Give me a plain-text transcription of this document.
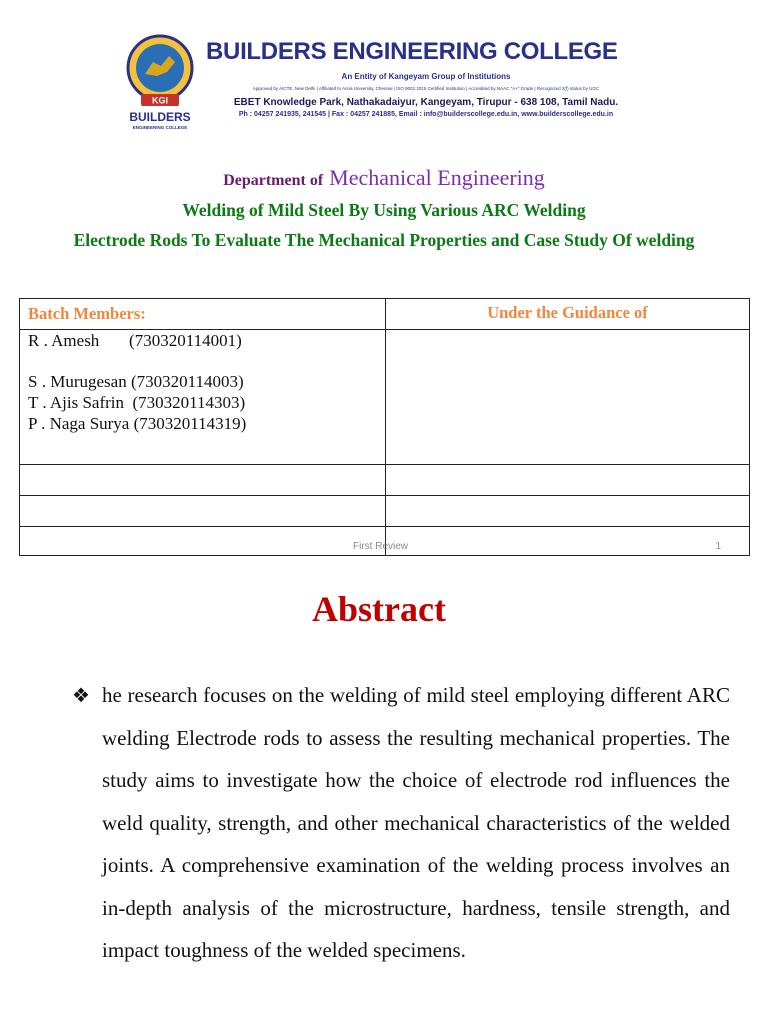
KGI
BUILDERS
ENGINEERING COLLEGE
BUILDERS ENGINEERING COLLEGE
An Entity of Kangeyam Group of Institutions
Approved by AICTE, New Delhi | Affiliated to Anna University, Chennai | ISO 9001:2015 Certified Institution | Accredited by NAAC "A+" Grade | Recognized 2(f) status by UGC
EBET Knowledge Park, Nathakadaiyur, Kangeyam, Tirupur - 638 108, Tamil Nadu.
Ph : 04257 241935, 241545 | Fax : 04257 241885, Email : info@builderscollege.edu.in, www.builderscollege.edu.in
Department of Mechanical Engineering
Welding of Mild Steel By Using Various ARC Welding
Electrode Rods To Evaluate The Mechanical Properties and Case Study Of welding
Batch Members:	Under the Guidance of

R . Amesh       (730320114001)
S . Murugesan (730320114003)
T . Ajis Safrin  (730320114303)
P . Naga Surya (730320114319)	

First Review	1
Abstract
❖ he research focuses on the welding of mild steel employing different ARC welding Electrode rods to assess the resulting mechanical properties. The study aims to investigate how the choice of electrode rod influences the weld quality, strength, and other mechanical characteristics of the welded joints. A comprehensive examination of the welding process involves an in-depth analysis of the microstructure, hardness, tensile strength, and impact toughness of the welded specimens.
